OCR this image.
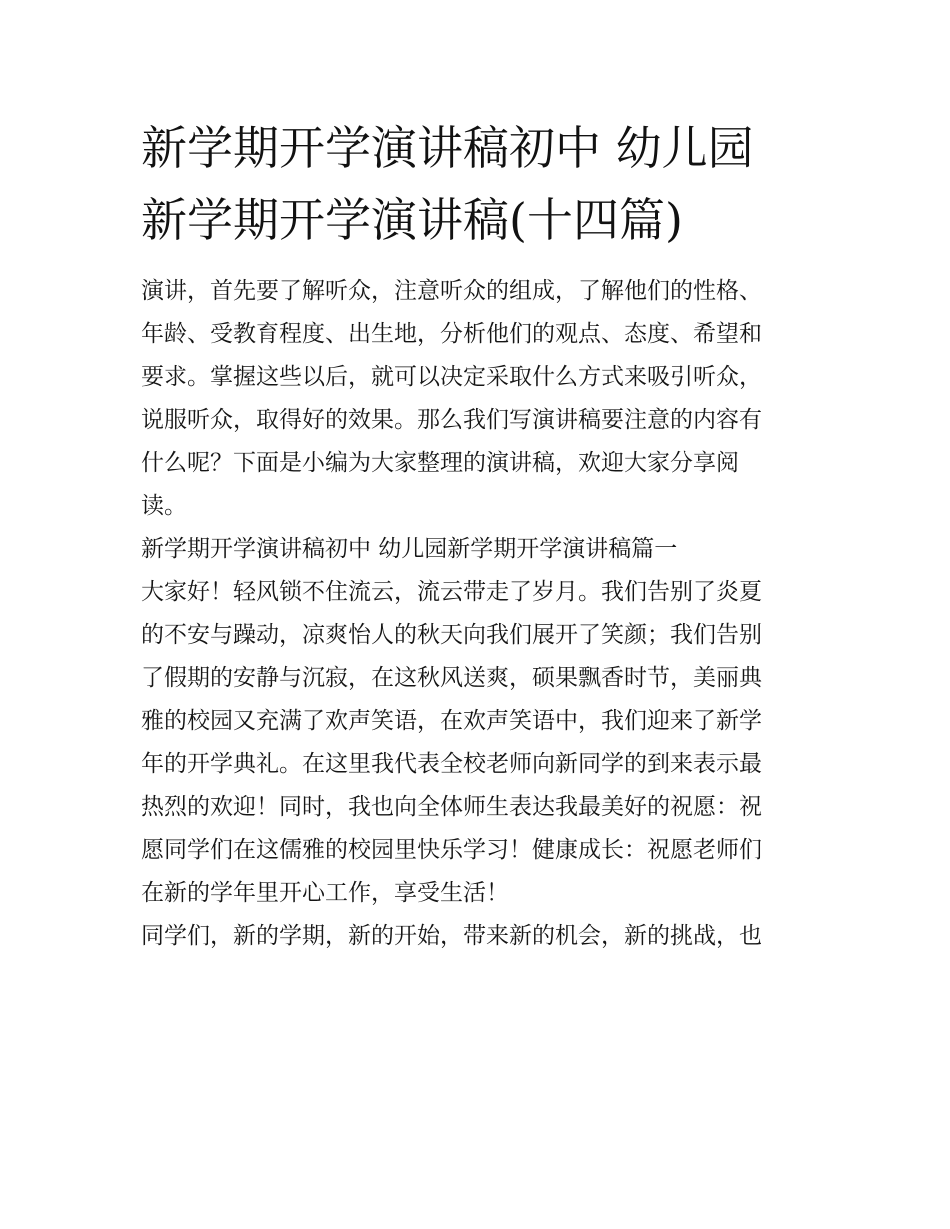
新学期开学演讲稿初中 幼儿园
新学期开学演讲稿(十四篇)

演讲，首先要了解听众，注意听众的组成，了解他们的性格、
年龄、受教育程度、出生地，分析他们的观点、态度、希望和
要求。掌握这些以后，就可以决定采取什么方式来吸引听众，
说服听众，取得好的效果。那么我们写演讲稿要注意的内容有
什么呢？下面是小编为大家整理的演讲稿，欢迎大家分享阅
读。

新学期开学演讲稿初中 幼儿园新学期开学演讲稿篇一

大家好！轻风锁不住流云，流云带走了岁月。我们告别了炎夏
的不安与躁动，凉爽怡人的秋天向我们展开了笑颜；我们告别
了假期的安静与沉寂，在这秋风送爽，硕果飘香时节，美丽典
雅的校园又充满了欢声笑语，在欢声笑语中，我们迎来了新学
年的开学典礼。在这里我代表全校老师向新同学的到来表示最
热烈的欢迎！同时，我也向全体师生表达我最美好的祝愿：祝
愿同学们在这儒雅的校园里快乐学习！健康成长：祝愿老师们
在新的学年里开心工作，享受生活！

同学们，新的学期，新的开始，带来新的机会，新的挑战，也
